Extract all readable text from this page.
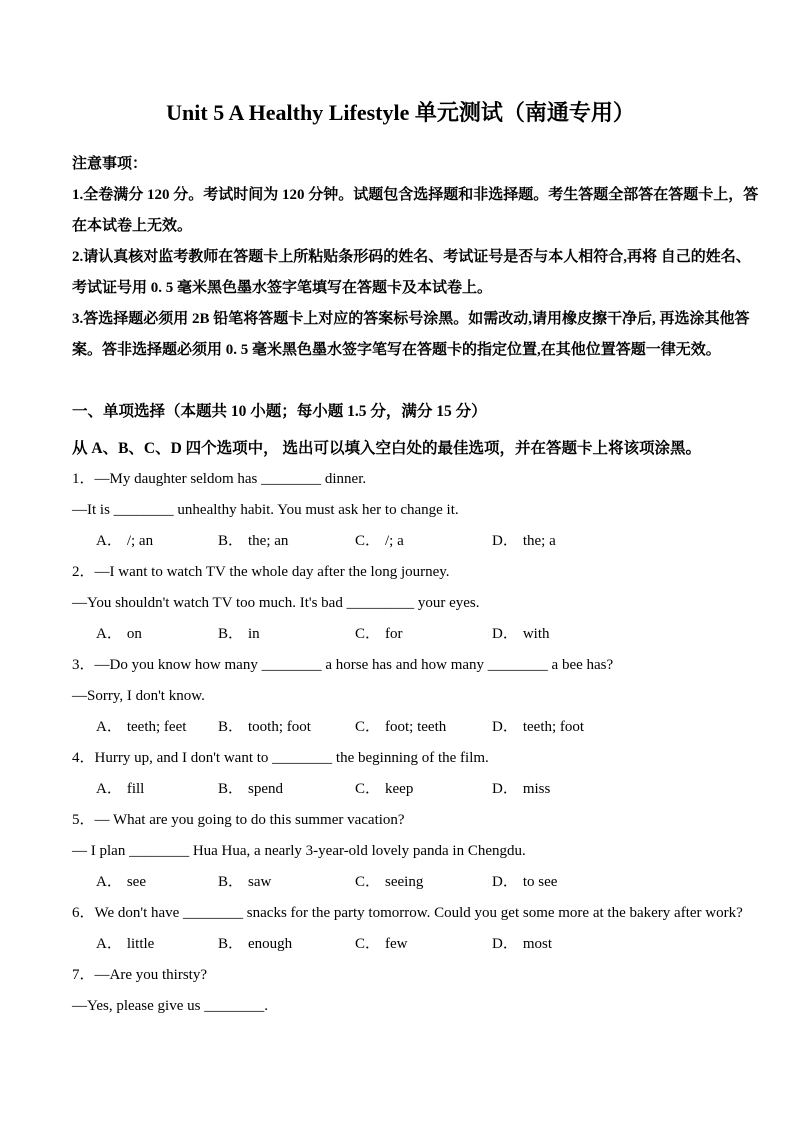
Unit 5 A Healthy Lifestyle 单元测试（南通专用）
注意事项：
1.全卷满分 120 分。考试时间为 120 分钟。试题包含选择题和非选择题。考生答题全部答在答题卡上，答
在本试卷上无效。
2.请认真核对监考教师在答题卡上所粘贴条形码的姓名、考试证号是否与本人相符合,再将 自己的姓名、
考试证号用 0. 5 毫米黑色墨水签字笔填写在答题卡及本试卷上。
3.答选择题必须用 2B 铅笔将答题卡上对应的答案标号涂黑。如需改动,请用橡皮擦干净后, 再选涂其他答
案。答非选择题必须用 0. 5 毫米黑色墨水签字笔写在答题卡的指定位置,在其他位置答题一律无效。
一、单项选择（本题共 10 小题；每小题 1.5 分，满分 15 分）
从 A、B、C、D 四个选项中， 选出可以填入空白处的最佳选项，并在答题卡上将该项涂黑。
1．—My daughter seldom has ________ dinner.
—It is ________ unhealthy habit. You must ask her to change it.
A． /; an	B． the; an	C． /; a	D． the; a
2．—I want to watch TV the whole day after the long journey.
—You shouldn't watch TV too much. It's bad _________ your eyes.
A． on	B． in	C． for	D． with
3．—Do you know how many ________ a horse has and how many ________ a bee has?
—Sorry, I don't know.
A． teeth; feet	B． tooth; foot	C． foot; teeth	D． teeth; foot
4．Hurry up, and I don't want to ________ the beginning of the film.
A． fill	B． spend	C． keep	D． miss
5．— What are you going to do this summer vacation?
— I plan ________ Hua Hua, a nearly 3-year-old lovely panda in Chengdu.
A． see	B． saw	C． seeing	D． to see
6．We don't have ________ snacks for the party tomorrow. Could you get some more at the bakery after work?
A． little	B． enough	C． few	D． most
7．—Are you thirsty?
—Yes, please give us ________.
